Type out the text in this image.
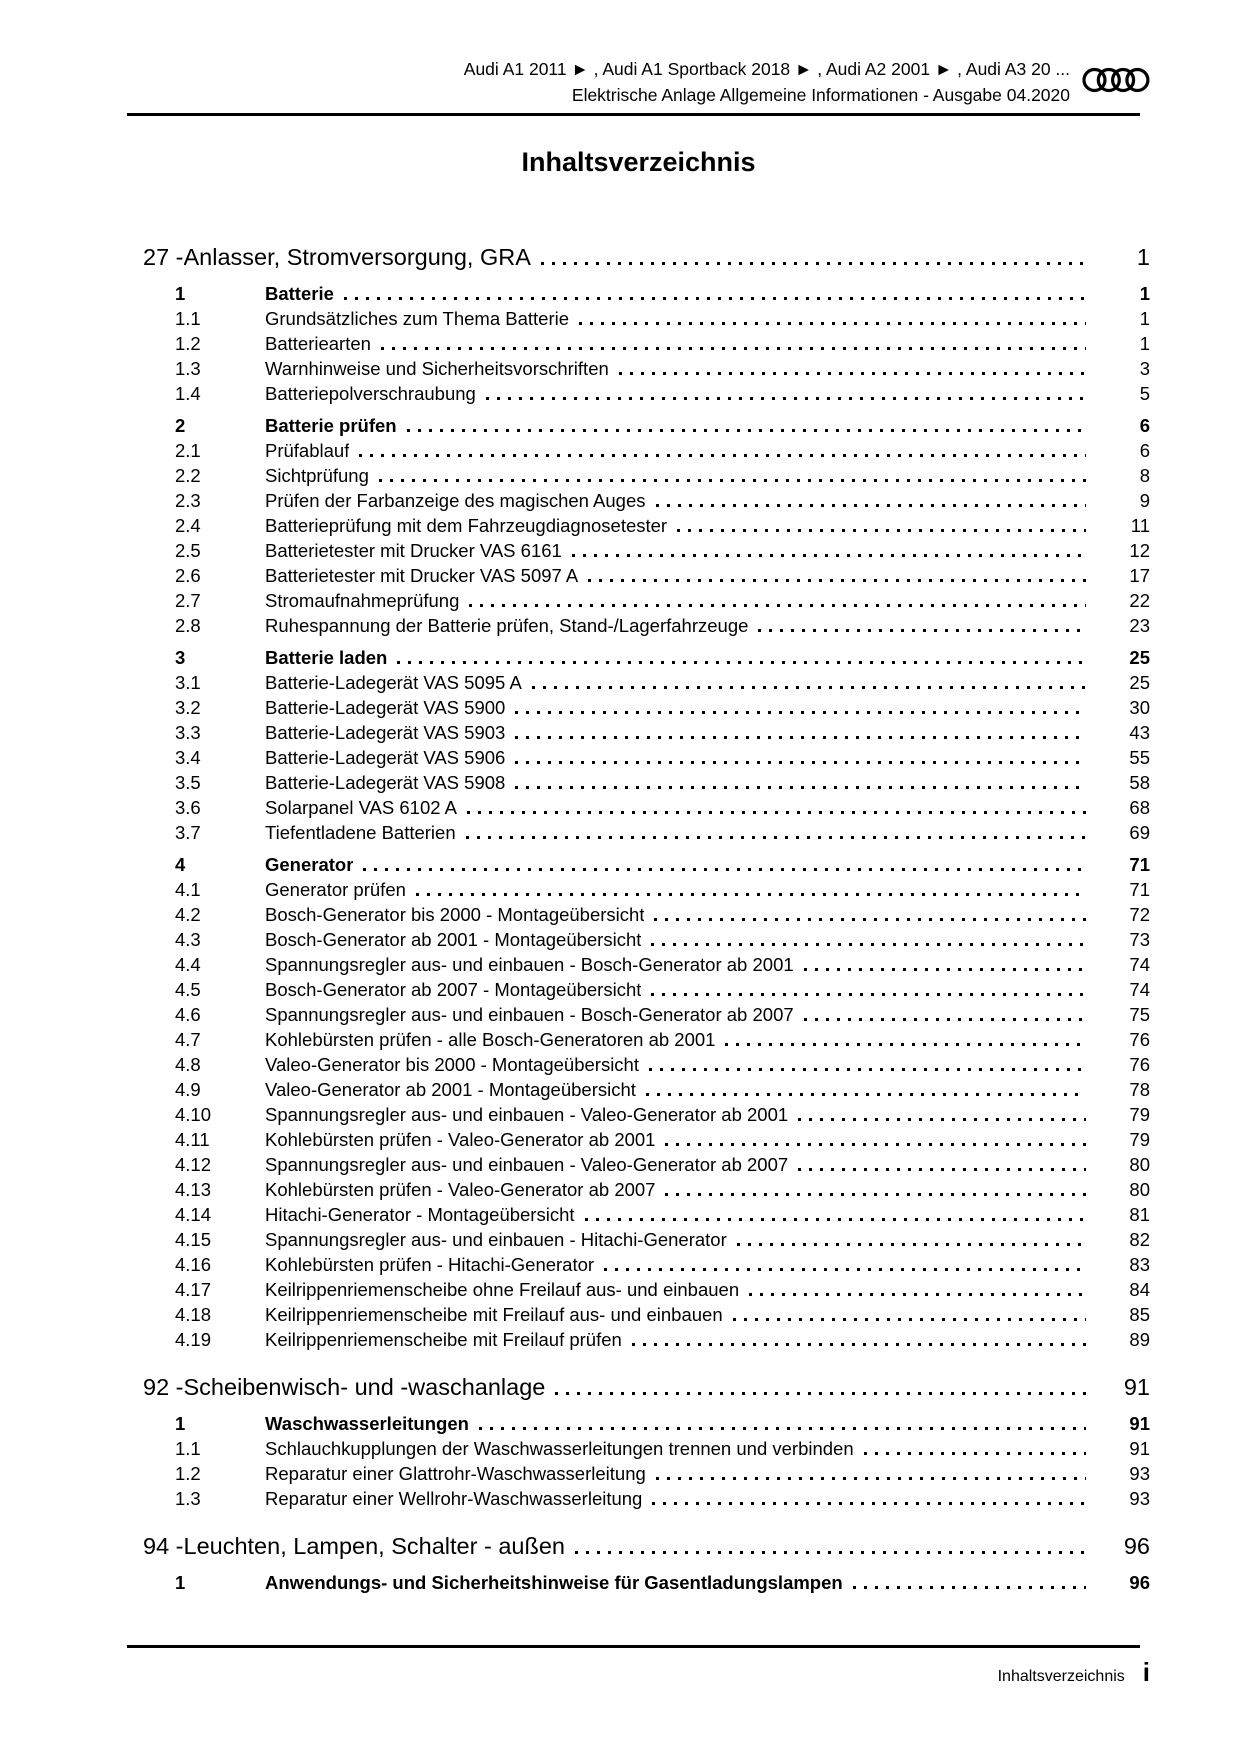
Audi A1 2011 ► , Audi A1 Sportback 2018 ► , Audi A2 2001 ► , Audi A3 20 ...
Elektrische Anlage Allgemeine Informationen - Ausgabe 04.2020
Inhaltsverzeichnis
27 - Anlasser, Stromversorgung, GRA	1
1	Batterie	1
1.1	Grundsätzliches zum Thema Batterie	1
1.2	Batteriearten	1
1.3	Warnhinweise und Sicherheitsvorschriften	3
1.4	Batteriepolverschraubung	5
2	Batterie prüfen	6
2.1	Prüfablauf	6
2.2	Sichtprüfung	8
2.3	Prüfen der Farbanzeige des magischen Auges	9
2.4	Batterieprüfung mit dem Fahrzeugdiagnosetester	11
2.5	Batterietester mit Drucker VAS 6161	12
2.6	Batterietester mit Drucker VAS 5097 A	17
2.7	Stromaufnahmeprüfung	22
2.8	Ruhespannung der Batterie prüfen, Stand-/Lagerfahrzeuge	23
3	Batterie laden	25
3.1	Batterie-Ladegerät VAS 5095 A	25
3.2	Batterie-Ladegerät VAS 5900	30
3.3	Batterie-Ladegerät VAS 5903	43
3.4	Batterie-Ladegerät VAS 5906	55
3.5	Batterie-Ladegerät VAS 5908	58
3.6	Solarpanel VAS 6102 A	68
3.7	Tiefentladene Batterien	69
4	Generator	71
4.1	Generator prüfen	71
4.2	Bosch-Generator bis 2000 - Montageübersicht	72
4.3	Bosch-Generator ab 2001 - Montageübersicht	73
4.4	Spannungsregler aus- und einbauen - Bosch-Generator ab 2001	74
4.5	Bosch-Generator ab 2007 - Montageübersicht	74
4.6	Spannungsregler aus- und einbauen - Bosch-Generator ab 2007	75
4.7	Kohlebürsten prüfen - alle Bosch-Generatoren ab 2001	76
4.8	Valeo-Generator bis 2000 - Montageübersicht	76
4.9	Valeo-Generator ab 2001 - Montageübersicht	78
4.10	Spannungsregler aus- und einbauen - Valeo-Generator ab 2001	79
4.11	Kohlebürsten prüfen - Valeo-Generator ab 2001	79
4.12	Spannungsregler aus- und einbauen - Valeo-Generator ab 2007	80
4.13	Kohlebürsten prüfen - Valeo-Generator ab 2007	80
4.14	Hitachi-Generator - Montageübersicht	81
4.15	Spannungsregler aus- und einbauen - Hitachi-Generator	82
4.16	Kohlebürsten prüfen - Hitachi-Generator	83
4.17	Keilrippenriemenscheibe ohne Freilauf aus- und einbauen	84
4.18	Keilrippenriemenscheibe mit Freilauf aus- und einbauen	85
4.19	Keilrippenriemenscheibe mit Freilauf prüfen	89
92 - Scheibenwisch- und -waschanlage	91
1	Waschwasserleitungen	91
1.1	Schlauchkupplungen der Waschwasserleitungen trennen und verbinden	91
1.2	Reparatur einer Glattrohr-Waschwasserleitung	93
1.3	Reparatur einer Wellrohr-Waschwasserleitung	93
94 - Leuchten, Lampen, Schalter - außen	96
1	Anwendungs- und Sicherheitshinweise für Gasentladungslampen	96
Inhaltsverzeichnis i
